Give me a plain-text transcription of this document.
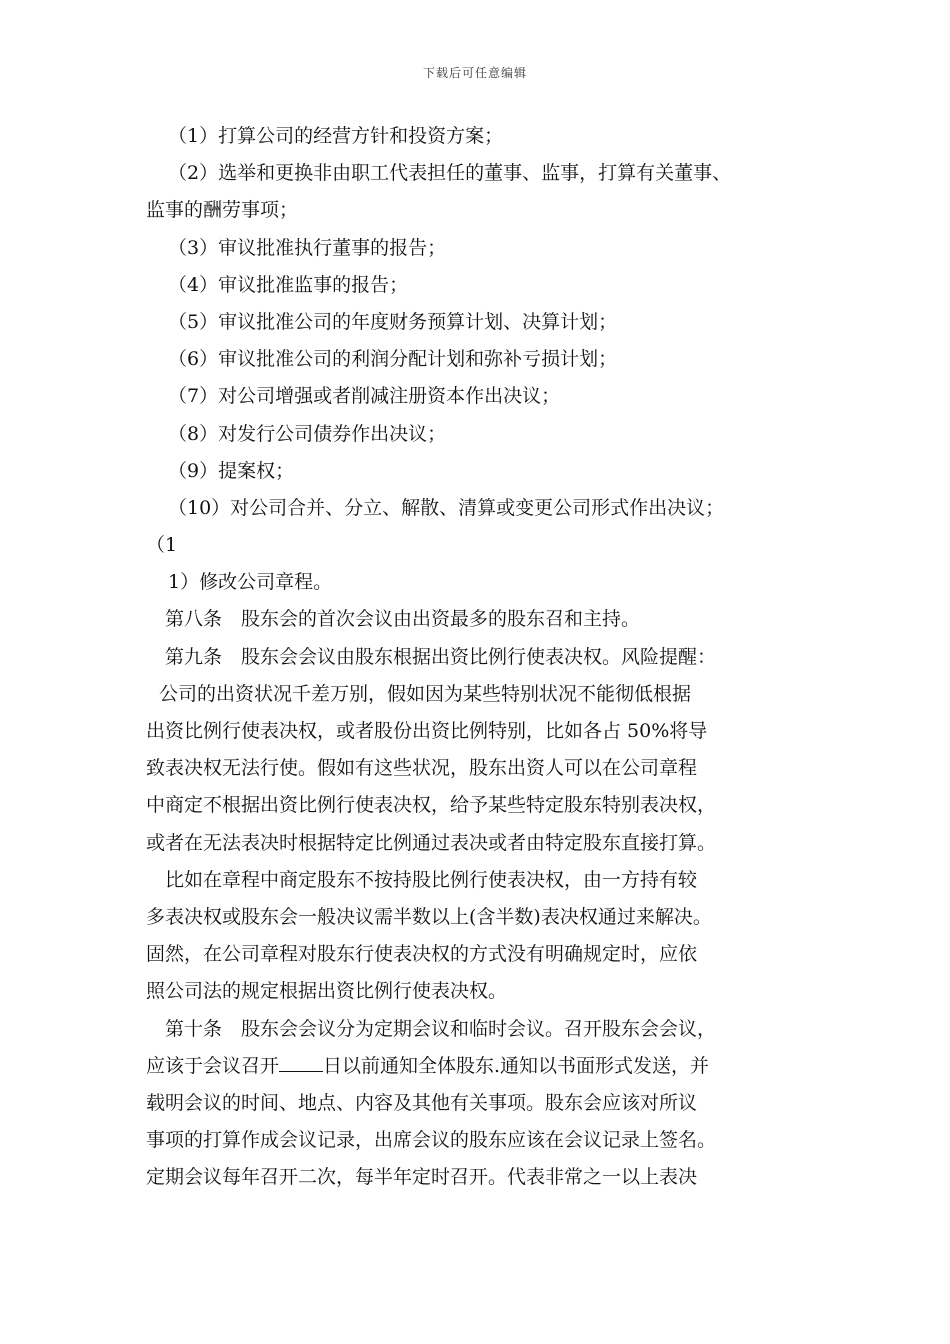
下载后可任意编辑
（1）打算公司的经营方针和投资方案；
（2）选举和更换非由职工代表担任的董事、监事，打算有关董事、
监事的酬劳事项；
（3）审议批准执行董事的报告；
（4）审议批准监事的报告；
（5）审议批准公司的年度财务预算计划、决算计划；
（6）审议批准公司的利润分配计划和弥补亏损计划；
（7）对公司增强或者削减注册资本作出决议；
（8）对发行公司债券作出决议；
（9）提案权；
（10）对公司合并、分立、解散、清算或变更公司形式作出决议；
（1
1）修改公司章程。
第八条　股东会的首次会议由出资最多的股东召和主持。
第九条　股东会会议由股东根据出资比例行使表决权。风险提醒：
公司的出资状况千差万别，假如因为某些特别状况不能彻低根据
出资比例行使表决权，或者股份出资比例特别，比如各占 50%将导
致表决权无法行使。假如有这些状况，股东出资人可以在公司章程
中商定不根据出资比例行使表决权，给予某些特定股东特别表决权，
或者在无法表决时根据特定比例通过表决或者由特定股东直接打算。
比如在章程中商定股东不按持股比例行使表决权，由一方持有较
多表决权或股东会一般决议需半数以上(含半数)表决权通过来解决。
固然，在公司章程对股东行使表决权的方式没有明确规定时，应依
照公司法的规定根据出资比例行使表决权。
第十条　股东会会议分为定期会议和临时会议。召开股东会会议，
应该于会议召开 日以前通知全体股东.通知以书面形式发送，并
载明会议的时间、地点、内容及其他有关事项。股东会应该对所议
事项的打算作成会议记录，出席会议的股东应该在会议记录上签名。
定期会议每年召开二次，每半年定时召开。代表非常之一以上表决
